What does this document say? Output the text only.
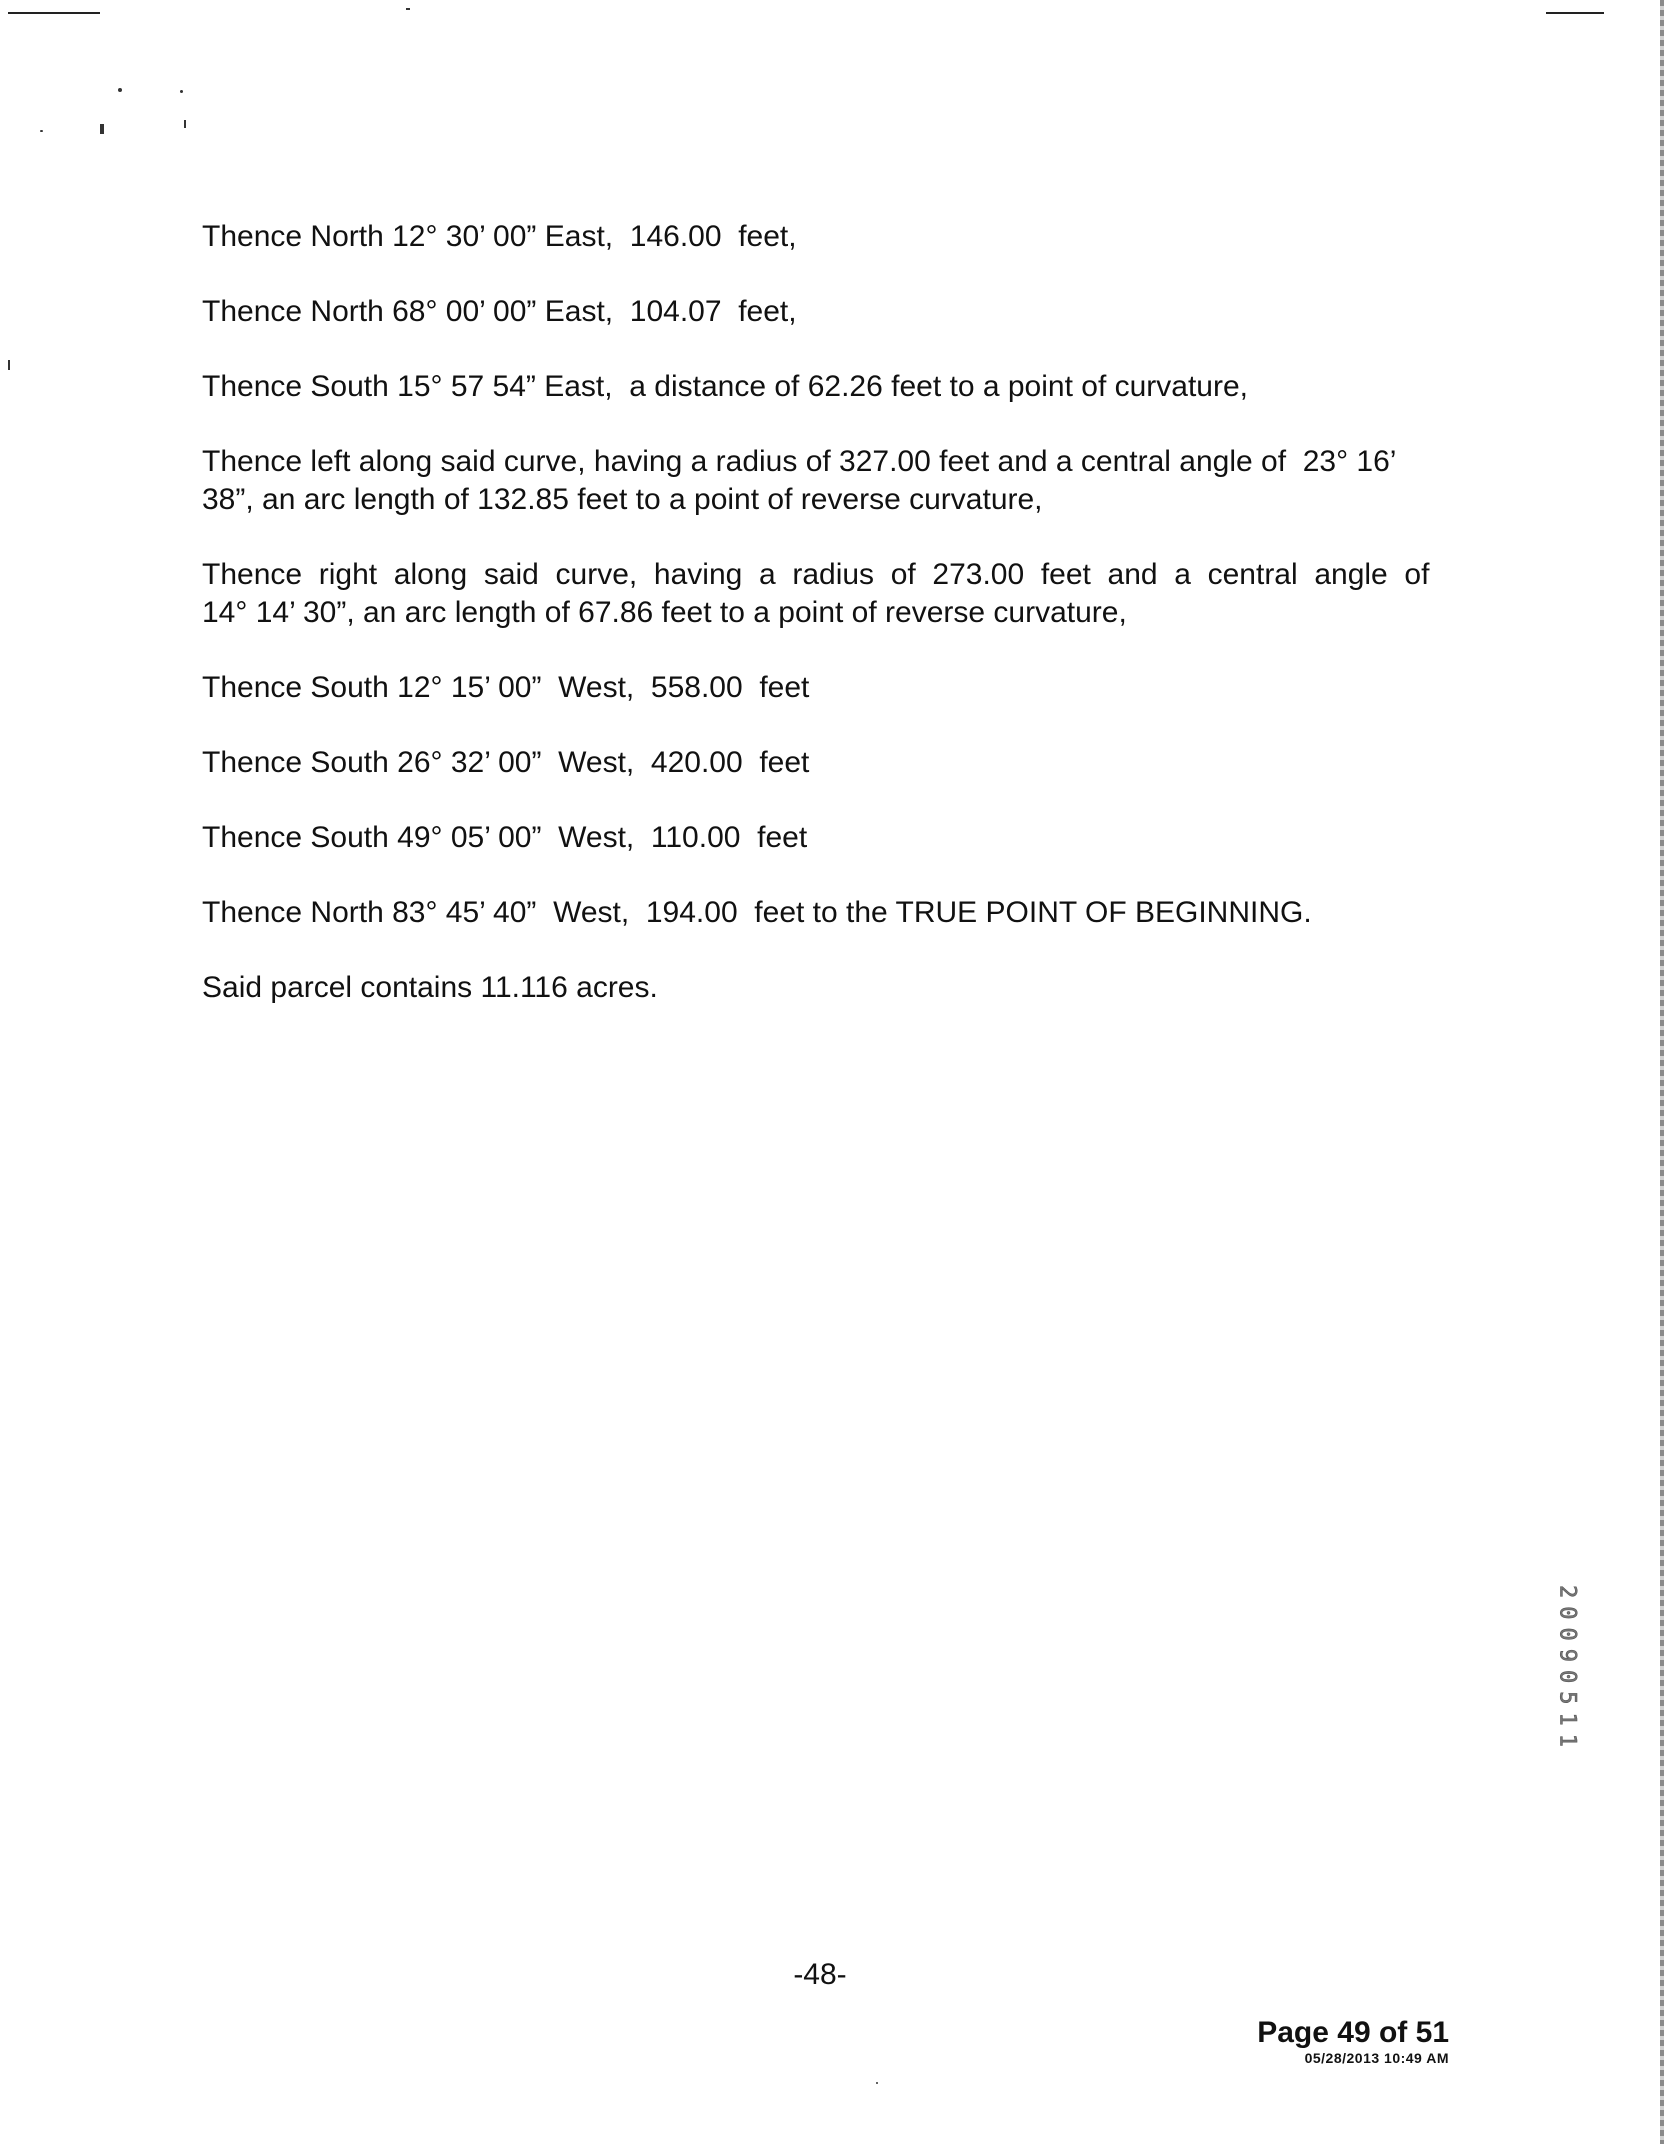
Thence North 12° 30’ 00” East,  146.00  feet,

Thence North 68° 00’ 00” East,  104.07  feet,

Thence South 15° 57 54” East,  a distance of 62.26 feet to a point of curvature,

Thence left along said curve, having a radius of 327.00 feet and a central angle of  23° 16’ 38”, an arc length of 132.85 feet to a point of reverse curvature,

Thence  right  along  said  curve,  having  a  radius  of  273.00  feet  and  a  central  angle  of 14° 14’ 30”, an arc length of 67.86 feet to a point of reverse curvature,

Thence South 12° 15’ 00”  West,  558.00  feet

Thence South 26° 32’ 00”  West,  420.00  feet

Thence South 49° 05’ 00”  West,  110.00  feet

Thence North 83° 45’ 40”  West,  194.00  feet to the TRUE POINT OF BEGINNING.

Said parcel contains 11.116 acres.

20090511
-48-
Page 49 of 51
05/28/2013 10:49 AM
